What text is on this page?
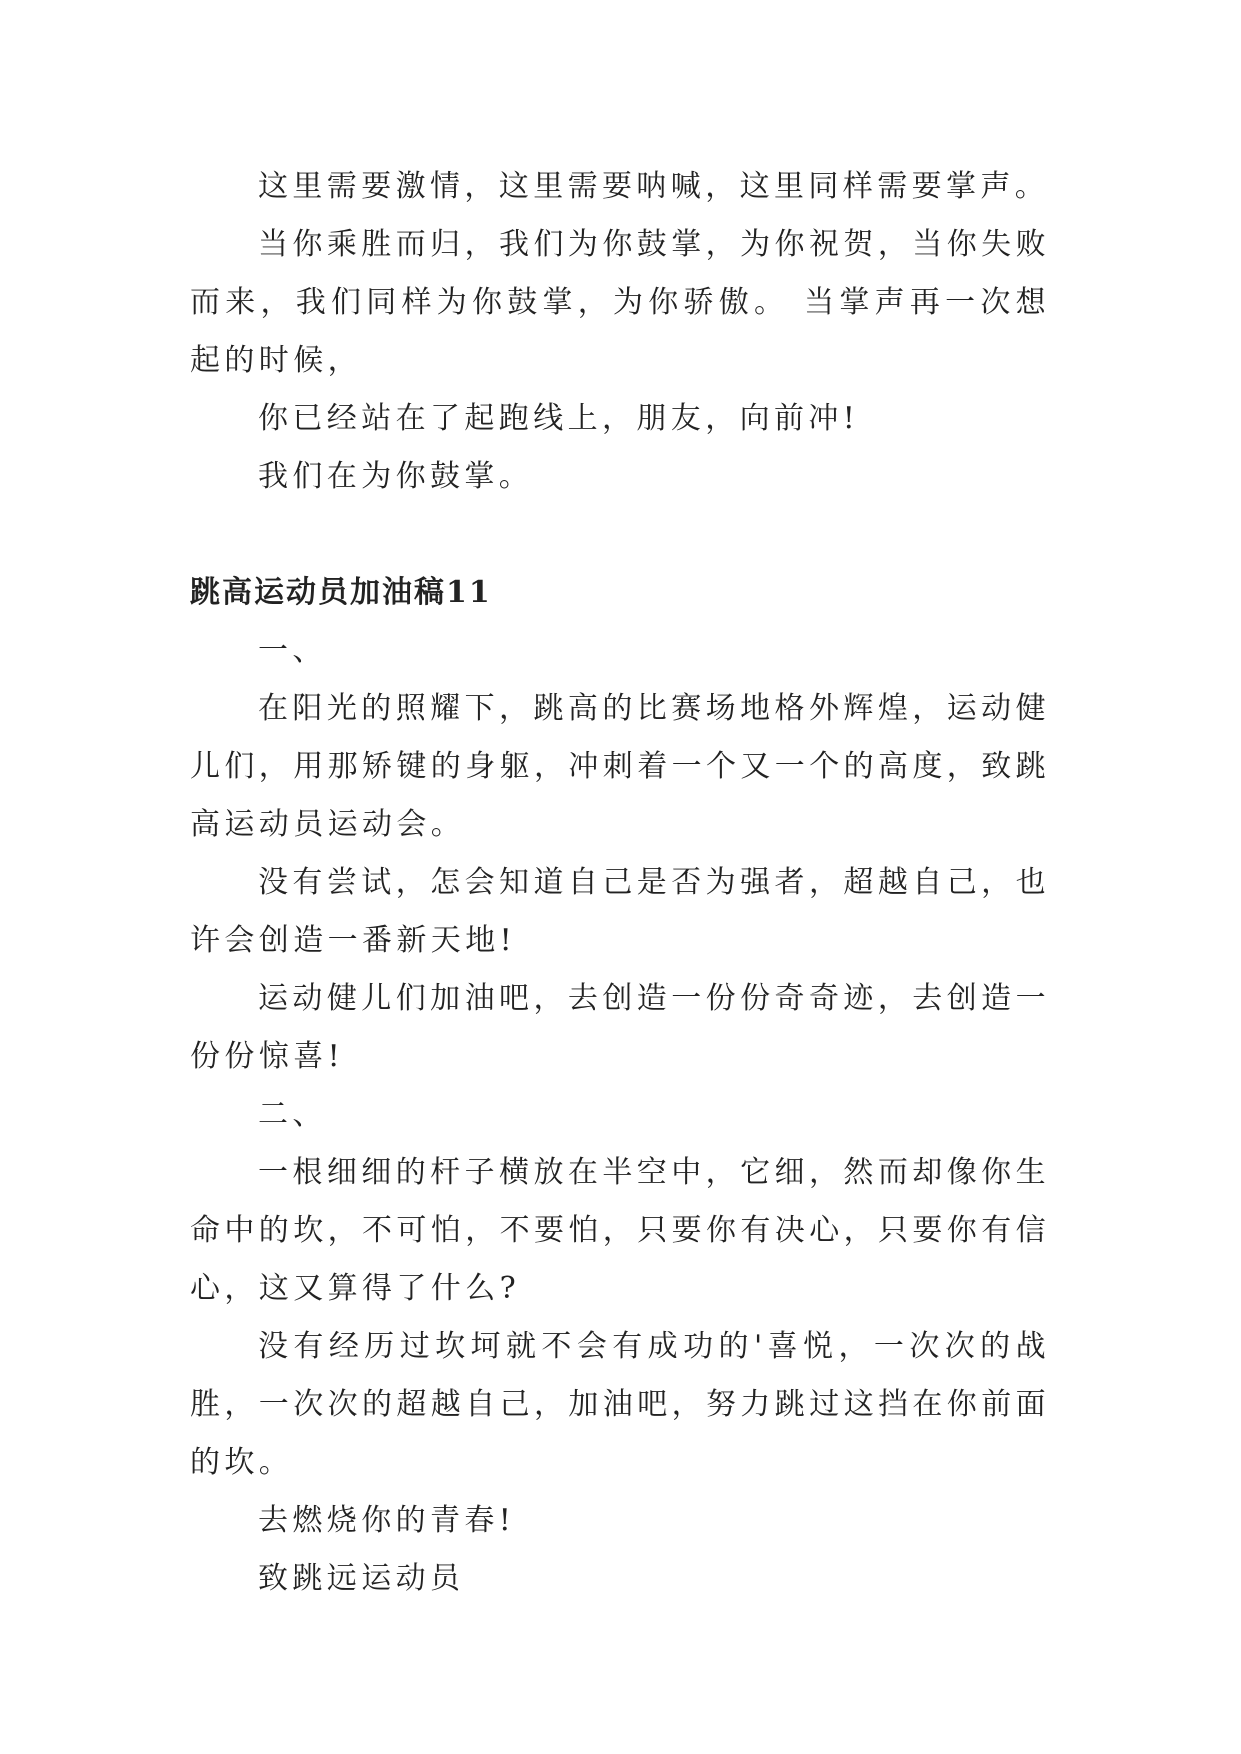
这里需要激情，这里需要呐喊，这里同样需要掌声。

当你乘胜而归，我们为你鼓掌，为你祝贺，当你失败而来，我们同样为你鼓掌，为你骄傲。 当掌声再一次想起的时候，

你已经站在了起跑线上，朋友，向前冲!

我们在为你鼓掌。

跳高运动员加油稿11

一、

在阳光的照耀下，跳高的比赛场地格外辉煌，运动健儿们，用那矫键的身躯，冲刺着一个又一个的高度，致跳高运动员运动会。

没有尝试，怎会知道自己是否为强者，超越自己，也许会创造一番新天地!

运动健儿们加油吧，去创造一份份奇奇迹，去创造一份份惊喜!

二、

一根细细的杆子横放在半空中，它细，然而却像你生命中的坎，不可怕，不要怕，只要你有决心，只要你有信心，这又算得了什么?

没有经历过坎坷就不会有成功的'喜悦，一次次的战胜，一次次的超越自己，加油吧，努力跳过这挡在你前面的坎。

去燃烧你的青春!

致跳远运动员
